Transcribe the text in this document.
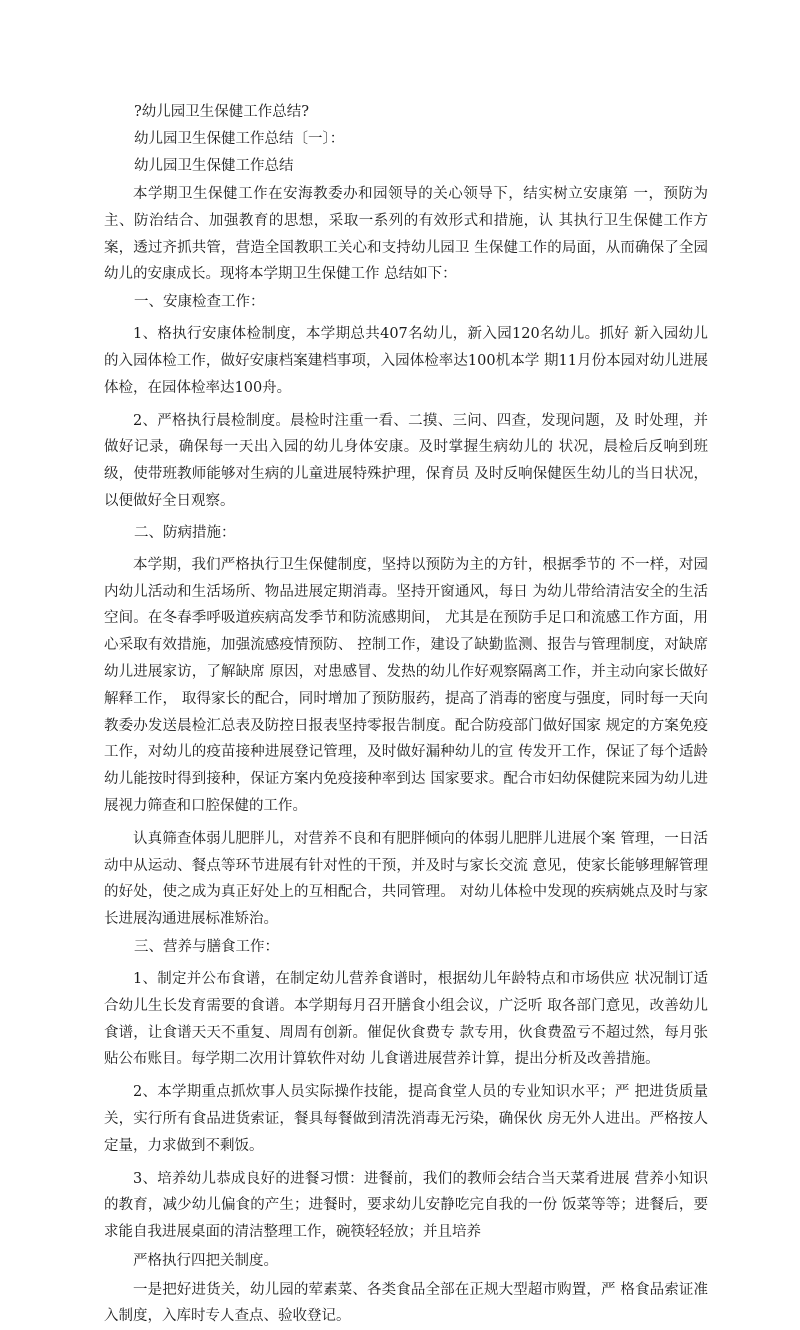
?幼儿园卫生保健工作总结?

幼儿园卫生保健工作总结〔一〕：

幼儿园卫生保健工作总结

本学期卫生保健工作在安海教委办和园领导的关心领导下，结实树立安康第 一，预防为主、防治结合、加强教育的思想，采取一系列的有效形式和措施，认 其执行卫生保健工作方案，透过齐抓共管，营造全国教职工关心和支持幼儿园卫 生保健工作的局面，从而确保了全园幼儿的安康成长。现将本学期卫生保健工作 总结如下：

一、安康检查工作：

1、格执行安康体检制度，本学期总共407名幼儿，新入园120名幼儿。抓好 新入园幼儿的入园体检工作，做好安康档案建档事项，入园体检率达100机本学 期11月份本园对幼儿进展体检，在园体检率达100舟。

2、严格执行晨检制度。晨检时注重一看、二摸、三问、四查，发现问题，及 时处理，并做好记录，确保每一天出入园的幼儿身体安康。及时掌握生病幼儿的 状况，晨检后反响到班级，使带班教师能够对生病的儿童进展特殊护理，保育员 及时反响保健医生幼儿的当日状况，以便做好全日观察。

二、防病措施：

本学期，我们严格执行卫生保健制度，坚持以预防为主的方针，根据季节的 不一样，对园内幼儿活动和生活场所、物品进展定期消毒。坚持开窗通风，每日 为幼儿带给清洁安全的生活空间。在冬春季呼吸道疾病高发季节和防流感期间， 尤其是在预防手足口和流感工作方面，用心采取有效措施，加强流感疫情预防、 控制工作，建设了缺勤监测、报告与管理制度，对缺席幼儿进展家访，了解缺席 原因，对患感冒、发热的幼儿作好观察隔离工作，并主动向家长做好解释工作， 取得家长的配合，同时增加了预防服药，提高了消毒的密度与强度，同时每一天向教委办发送晨检汇总表及防控日报表坚持零报告制度。配合防疫部门做好国家 规定的方案免疫工作，对幼儿的疫苗接种进展登记管理，及时做好漏种幼儿的宣 传发开工作，保证了每个适龄幼儿能按时得到接种，保证方案内免疫接种率到达 国家要求。配合市妇幼保健院来园为幼儿进展视力筛查和口腔保健的工作。

认真筛查体弱儿肥胖儿，对营养不良和有肥胖倾向的体弱儿肥胖儿进展个案 管理，一日活动中从运动、餐点等环节进展有针对性的干预，并及时与家长交流 意见，使家长能够理解管理的好处，使之成为真正好处上的互相配合，共同管理。 对幼儿体检中发现的疾病姚点及时与家长进展沟通进展标准矫治。

三、营养与膳食工作：

1、制定并公布食谱，在制定幼儿营养食谱时，根据幼儿年龄特点和市场供应 状况制订适合幼儿生长发育需要的食谱。本学期每月召开膳食小组会议，广泛听 取各部门意见，改善幼儿食谱，让食谱天天不重复、周周有创新。催促伙食费专 款专用，伙食费盈亏不超过然，每月张贴公布账目。每学期二次用计算软件对幼 儿食谱进展营养计算，提出分析及改善措施。

2、本学期重点抓炊事人员实际操作技能，提高食堂人员的专业知识水平；严 把进货质量关，实行所有食品进货索证，餐具每餐做到清洗消毒无污染，确保伙 房无外人进出。严格按人定量，力求做到不剩饭。

3、培养幼儿恭成良好的进餐习惯：进餐前，我们的教师会结合当天菜肴进展 营养小知识的教育，减少幼儿偏食的产生；进餐时，要求幼儿安静吃完自我的一份 饭菜等等；进餐后，要求能自我进展桌面的清洁整理工作，碗筷轻轻放；并且培养

严格执行四把关制度。

一是把好进货关，幼儿园的荤素菜、各类食品全部在正规大型超市购置，严 格食品索证准入制度，入库时专人查点、验收登记。
